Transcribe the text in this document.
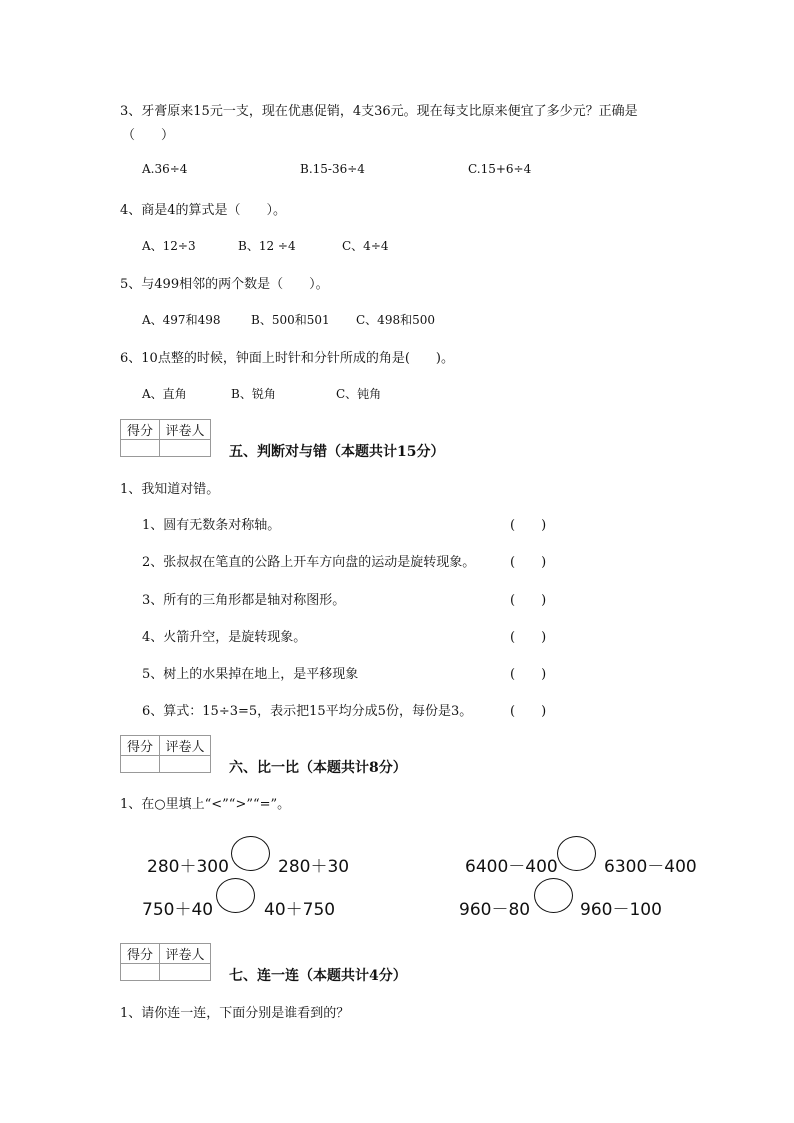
3、牙膏原来15元一支，现在优惠促销，4支36元。现在每支比原来便宜了多少元？正确是
（　　）
A.36÷4	B.15-36÷4	C.15+6÷4
4、商是4的算式是（　　）。
A、12÷3	B、12 ÷4	C、4÷4
5、与499相邻的两个数是（　　）。
A、497和498	B、500和501 C、498和500
6、10点整的时候，钟面上时针和分针所成的角是(　　)。
A、直角	B、锐角	C、钝角
得分	评卷人

五、判断对与错（本题共计15分）
1、我知道对错。
1、圆有无数条对称轴。	(　　)
2、张叔叔在笔直的公路上开车方向盘的运动是旋转现象。	(　　)
3、所有的三角形都是轴对称图形。	(　　)
4、火箭升空，是旋转现象。	(　　)
5、树上的水果掉在地上，是平移现象	(　　)
6、算式：15÷3=5，表示把15平均分成5份，每份是3。	(　　)
得分	评卷人

六、比一比（本题共计8分）
1、在○里填上“<”“>”“=”。
280＋300	280＋30	6400－400	6300－400
750＋40	40＋750	960－80	960－100
得分	评卷人

七、连一连（本题共计4分）
1、请你连一连，下面分别是谁看到的？
